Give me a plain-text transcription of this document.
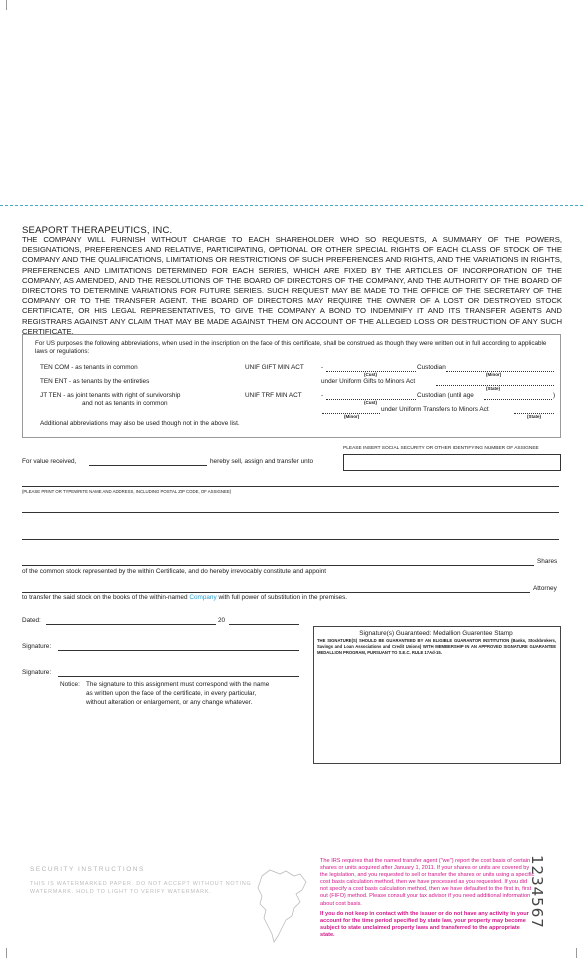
SEAPORT THERAPEUTICS, INC.
THE COMPANY WILL FURNISH WITHOUT CHARGE TO EACH SHAREHOLDER WHO SO REQUESTS, A SUMMARY OF THE POWERS, DESIGNATIONS, PREFERENCES AND RELATIVE, PARTICIPATING, OPTIONAL OR OTHER SPECIAL RIGHTS OF EACH CLASS OF STOCK OF THE COMPANY AND THE QUALIFICATIONS, LIMITATIONS OR RESTRICTIONS OF SUCH PREFERENCES AND RIGHTS, AND THE VARIATIONS IN RIGHTS, PREFERENCES AND LIMITATIONS DETERMINED FOR EACH SERIES, WHICH ARE FIXED BY THE ARTICLES OF INCORPORATION OF THE COMPANY, AS AMENDED, AND THE RESOLUTIONS OF THE BOARD OF DIRECTORS OF THE COMPANY, AND THE AUTHORITY OF THE BOARD OF DIRECTORS TO DETERMINE VARIATIONS FOR FUTURE SERIES. SUCH REQUEST MAY BE MADE TO THE OFFICE OF THE SECRETARY OF THE COMPANY OR TO THE TRANSFER AGENT. THE BOARD OF DIRECTORS MAY REQUIRE THE OWNER OF A LOST OR DESTROYED STOCK CERTIFICATE, OR HIS LEGAL REPRESENTATIVES, TO GIVE THE COMPANY A BOND TO INDEMNIFY IT AND ITS TRANSFER AGENTS AND REGISTRARS AGAINST ANY CLAIM THAT MAY BE MADE AGAINST THEM ON ACCOUNT OF THE ALLEGED LOSS OR DESTRUCTION OF ANY SUCH CERTIFICATE.
For US purposes the following abbreviations, when used in the inscription on the face of this certificate, shall be construed as though they were written out in full according to applicable laws or regulations:
TEN COM - as tenants in common
TEN ENT - as tenants by the entireties
JT TEN - as joint tenants with right of survivorship
and not as tenants in common
UNIF GIFT MIN ACT	-	Custodian
(Cust)	(Minor)
under Uniform Gifts to Minors Act
(State)
UNIF TRF MIN ACT	-	Custodian (until age	)
(Cust)
under Uniform Transfers to Minors Act
(Minor)	(State)
Additional abbreviations may also be used though not in the above list.
PLEASE INSERT SOCIAL SECURITY OR OTHER IDENTIFYING NUMBER OF ASSIGNEE
For value received,	hereby sell, assign and transfer unto
(PLEASE PRINT OR TYPEWRITE NAME AND ADDRESS, INCLUDING POSTAL ZIP CODE, OF ASSIGNEE)
Shares
of the common stock represented by the within Certificate, and do hereby irrevocably constitute and appoint
Attorney
to transfer the said stock on the books of the within-named Company with full power of substitution in the premises.
Dated:	20
Signature:
Signature:
Notice: The signature to this assignment must correspond with the name
as written upon the face of the certificate, in every particular,
without alteration or enlargement, or any change whatever.
Signature(s) Guaranteed: Medallion Guarentee Stamp
THE SIGNATURE(S) SHOULD BE GUARANTEED BY AN ELIGIBLE GUARANTOR INSTITUTION (Banks, Stockbrokers, Savings and Loan Associations and Credit Unions) WITH MEMBERSHIP IN AN APPROVED SIGNATURE GUARANTEE MEDALLION PROGRAM, PURSUANT TO S.E.C. RULE 17Ad-15.
SECURITY INSTRUCTIONS
THIS IS WATERMARKED PAPER. DO NOT ACCEPT WITHOUT NOTING WATERMARK. HOLD TO LIGHT TO VERIFY WATERMARK.
The IRS requires that the named transfer agent ("we") report the cost basis of certain shares or units acquired after January 1, 2011. If your shares or units are covered by the legislation, and you requested to sell or transfer the shares or units using a specific cost basis calculation method, then we have processed as you requested. If you did not specify a cost basis calculation method, then we have defaulted to the first in, first out (FIFO) method. Please consult your tax advisor if you need additional information about cost basis.
If you do not keep in contact with the issuer or do not have any activity in your account for the time period specified by state law, your property may become subject to state unclaimed property laws and transferred to the appropriate state.
1234567
